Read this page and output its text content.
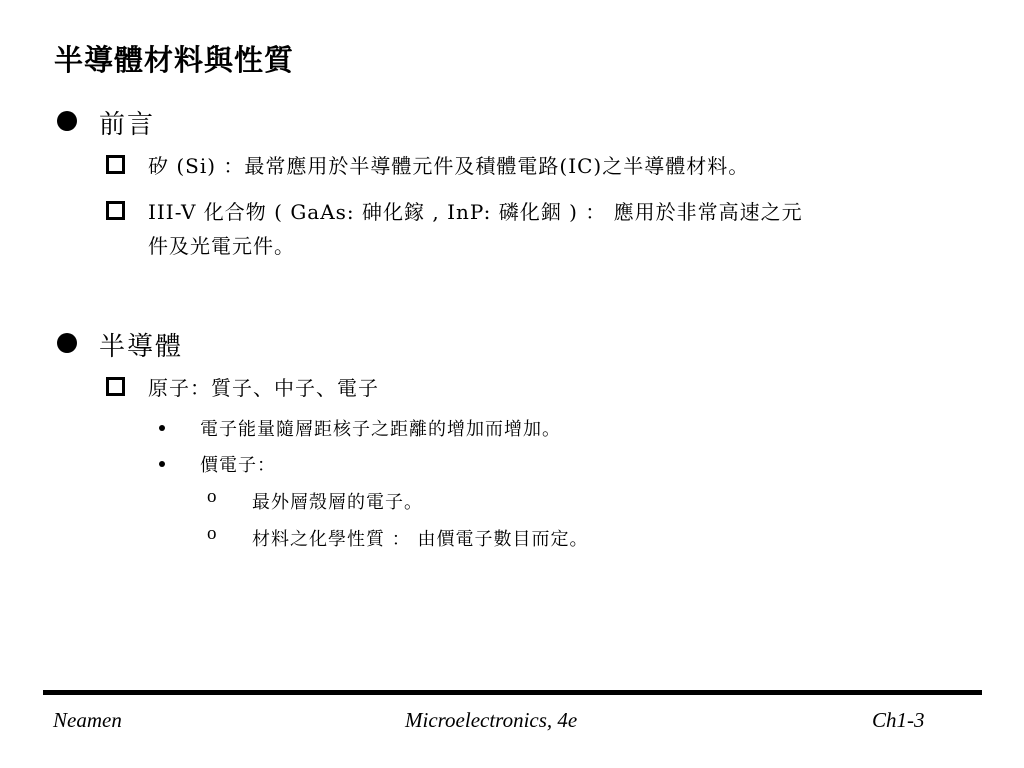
半導體材料與性質
前言
矽 (Si) ：最常應用於半導體元件及積體電路(IC)之半導體材料。
III-V 化合物 ( GaAs: 砷化鎵 , InP: 磷化銦 ) ： 應用於非常高速之元
件及光電元件。
半導體
原子：質子、中子、電子
電子能量隨層距核子之距離的增加而增加。
價電子：
o 最外層殼層的電子。
o 材料之化學性質 ： 由價電子數目而定。
Neamen	Microelectronics, 4e	Ch1-3
